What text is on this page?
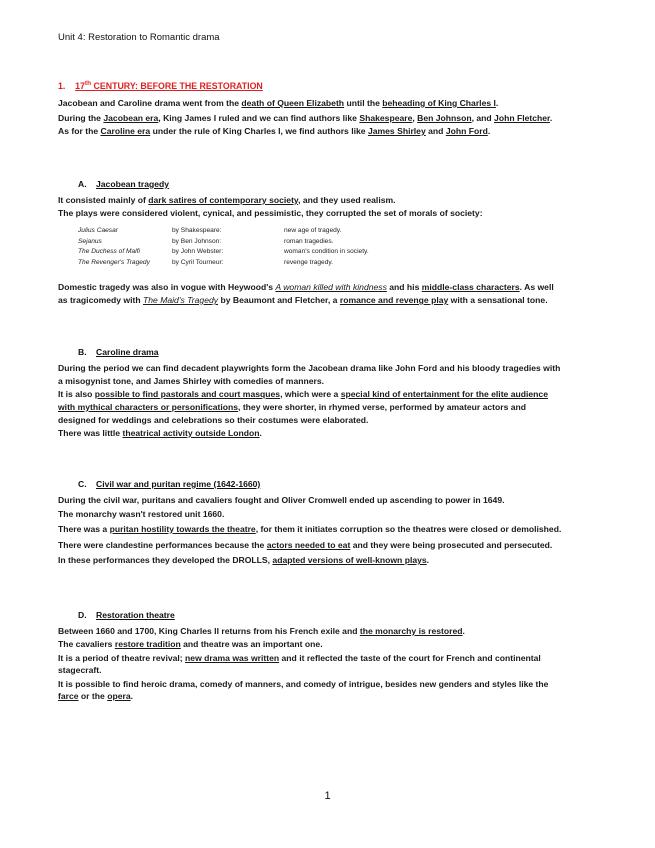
Unit 4: Restoration to Romantic drama
1. 17th CENTURY: BEFORE THE RESTORATION
Jacobean and Caroline drama went from the death of Queen Elizabeth until the beheading of King Charles I.
During the Jacobean era, King James I ruled and we can find authors like Shakespeare, Ben Johnson, and John Fletcher.
As for the Caroline era under the rule of King Charles I, we find authors like James Shirley and John Ford.
A. Jacobean tragedy
It consisted mainly of dark satires of contemporary society, and they used realism.
The plays were considered violent, cynical, and pessimistic, they corrupted the set of morals of society:
Julius Caesar	by Shakespeare:	new age of tragedy.
Sejanus	by Ben Johnson:	roman tragedies.
The Duchess of Malfi	by John Webster:	woman's condition in society.
The Revenger's Tragedy	by Cyril Tourneur:	revenge tragedy.
Domestic tragedy was also in vogue with Heywood's A woman killed with kindness and his middle-class characters. As well
as tragicomedy with The Maid's Tragedy by Beaumont and Fletcher, a romance and revenge play with a sensational tone.
B. Caroline drama
During the period we can find decadent playwrights form the Jacobean drama like John Ford and his bloody tragedies with
a misogynist tone, and James Shirley with comedies of manners.
It is also possible to find pastorals and court masques, which were a special kind of entertainment for the elite audience
with mythical characters or personifications, they were shorter, in rhymed verse, performed by amateur actors and
designed for weddings and celebrations so their costumes were elaborated.
There was little theatrical activity outside London.
C. Civil war and puritan regime (1642-1660)
During the civil war, puritans and cavaliers fought and Oliver Cromwell ended up ascending to power in 1649.
The monarchy wasn't restored unit 1660.
There was a puritan hostility towards the theatre, for them it initiates corruption so the theatres were closed or demolished.
There were clandestine performances because the actors needed to eat and they were being prosecuted and persecuted.
In these performances they developed the DROLLS, adapted versions of well-known plays.
D. Restoration theatre
Between 1660 and 1700, King Charles II returns from his French exile and the monarchy is restored.
The cavaliers restore tradition and theatre was an important one.
It is a period of theatre revival; new drama was written and it reflected the taste of the court for French and continental
stagecraft.
It is possible to find heroic drama, comedy of manners, and comedy of intrigue, besides new genders and styles like the
farce or the opera.
1
